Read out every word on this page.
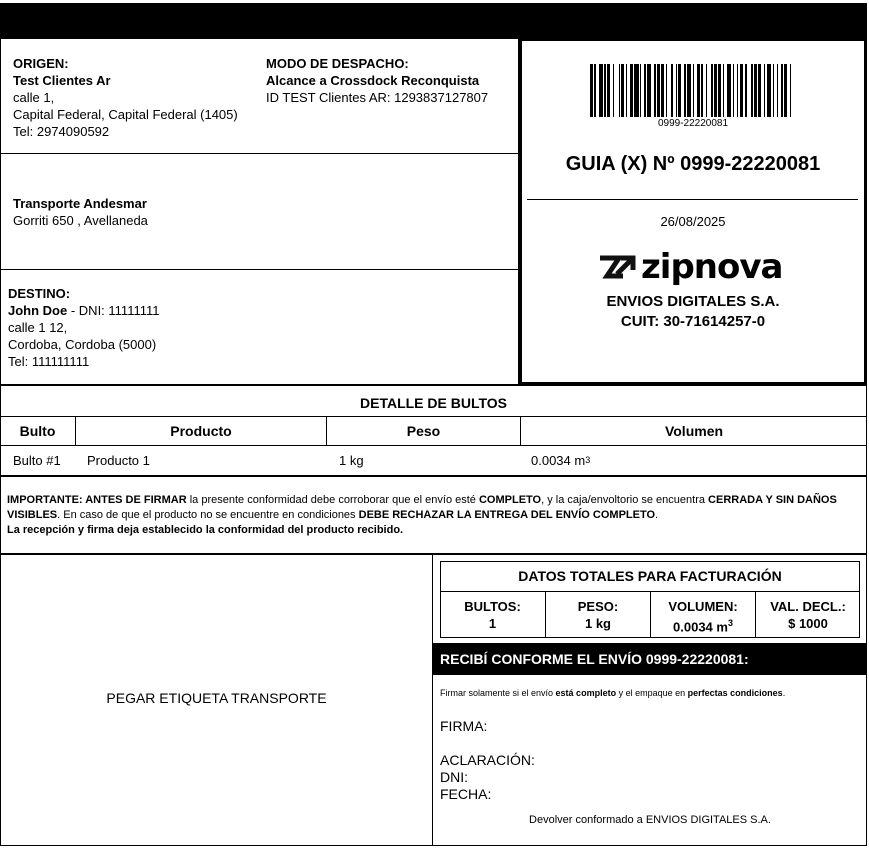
ORIGEN:
Test Clientes Ar
calle 1,
Capital Federal, Capital Federal (1405)
Tel: 2974090592
MODO DE DESPACHO:
Alcance a Crossdock Reconquista
ID TEST Clientes AR: 1293837127807
Transporte Andesmar
Gorriti 650 , Avellaneda
DESTINO:
John Doe - DNI: 11111111
calle 1 12,
Cordoba, Cordoba (5000)
Tel: 111111111
0999-22220081
GUIA (X) Nº 0999-22220081
26/08/2025
zipnova
ENVIOS DIGITALES S.A.
CUIT: 30-71614257-0
DETALLE DE BULTOS
Bulto	Producto	Peso	Volumen
Bulto #1 Producto 1	1 kg	0.0034 m 3
IMPORTANTE: ANTES DE FIRMAR la presente conformidad debe corroborar que el envío esté COMPLETO, y la caja/envoltorio se encuentra CERRADA Y SIN DAÑOS VISIBLES. En caso de que el producto no se encuentre en condiciones DEBE RECHAZAR LA ENTREGA DEL ENVÍO COMPLETO.
La recepción y firma deja establecido la conformidad del producto recibido.
PEGAR ETIQUETA TRANSPORTE
DATOS TOTALES PARA FACTURACIÓN
BULTOS:
1
PESO:
1 kg
VOLUMEN:
0.0034 $m^3$
VAL. DECL.:
$ 1000
RECIBÍ CONFORME EL ENVÍO 0999-22220081:
Firmar solamente si el envío está completo y el empaque en perfectas condiciones.
FIRMA:
ACLARACIÓN:
DNI:
FECHA:
Devolver conformado a ENVIOS DIGITALES S.A.
